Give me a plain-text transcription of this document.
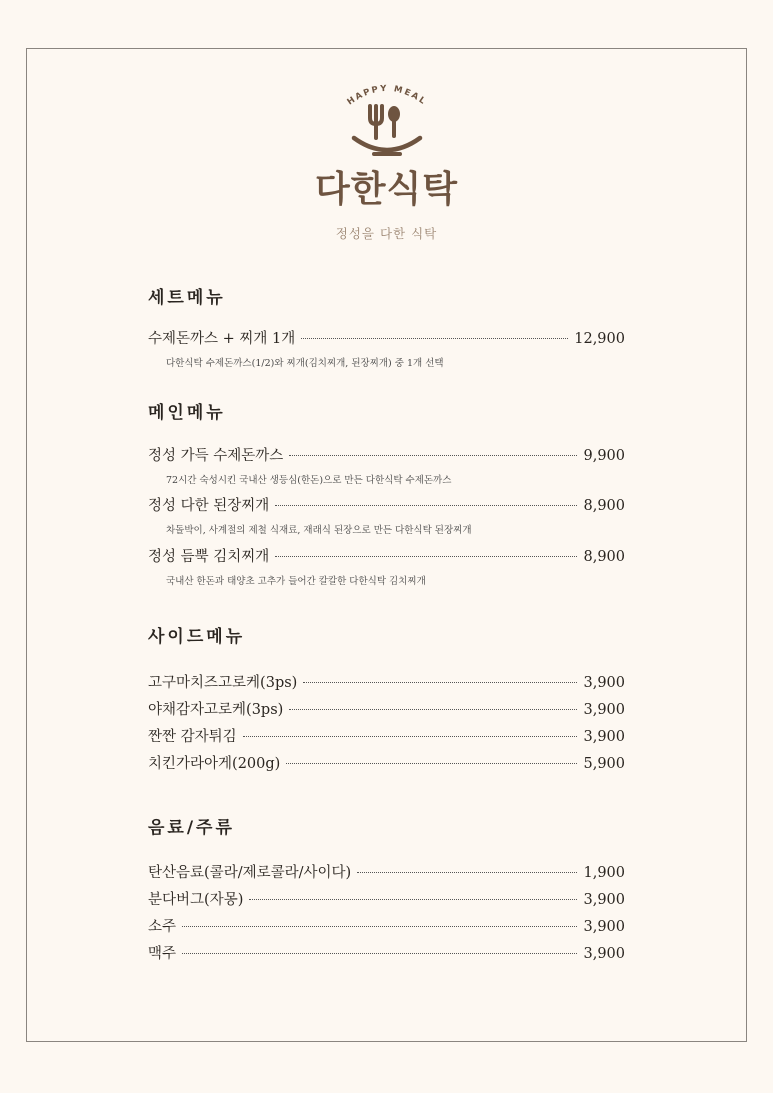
HAPPY MEAL
다한식탁
정성을 다한 식탁
세트메뉴
수제돈까스 + 찌개 1개	12,900
다한식탁 수제돈까스(1/2)와 찌개(김치찌개, 된장찌개) 중 1개 선택
메인메뉴
정성 가득 수제돈까스	9,900
72시간 숙성시킨 국내산 생등심(한돈)으로 만든 다한식탁 수제돈까스
정성 다한 된장찌개	8,900
차돌박이, 사계절의 제철 식재료, 재래식 된장으로 만든 다한식탁 된장찌개
정성 듬뿍 김치찌개	8,900
국내산 한돈과 태양초 고추가 들어간 칼칼한 다한식탁 김치찌개
사이드메뉴
고구마치즈고로케(3ps)	3,900
야채감자고로케(3ps)	3,900
짠짠 감자튀김	3,900
치킨가라아게(200g)	5,900
음료/주류
탄산음료(콜라/제로콜라/사이다)	1,900
분다버그(자몽)	3,900
소주	3,900
맥주	3,900
